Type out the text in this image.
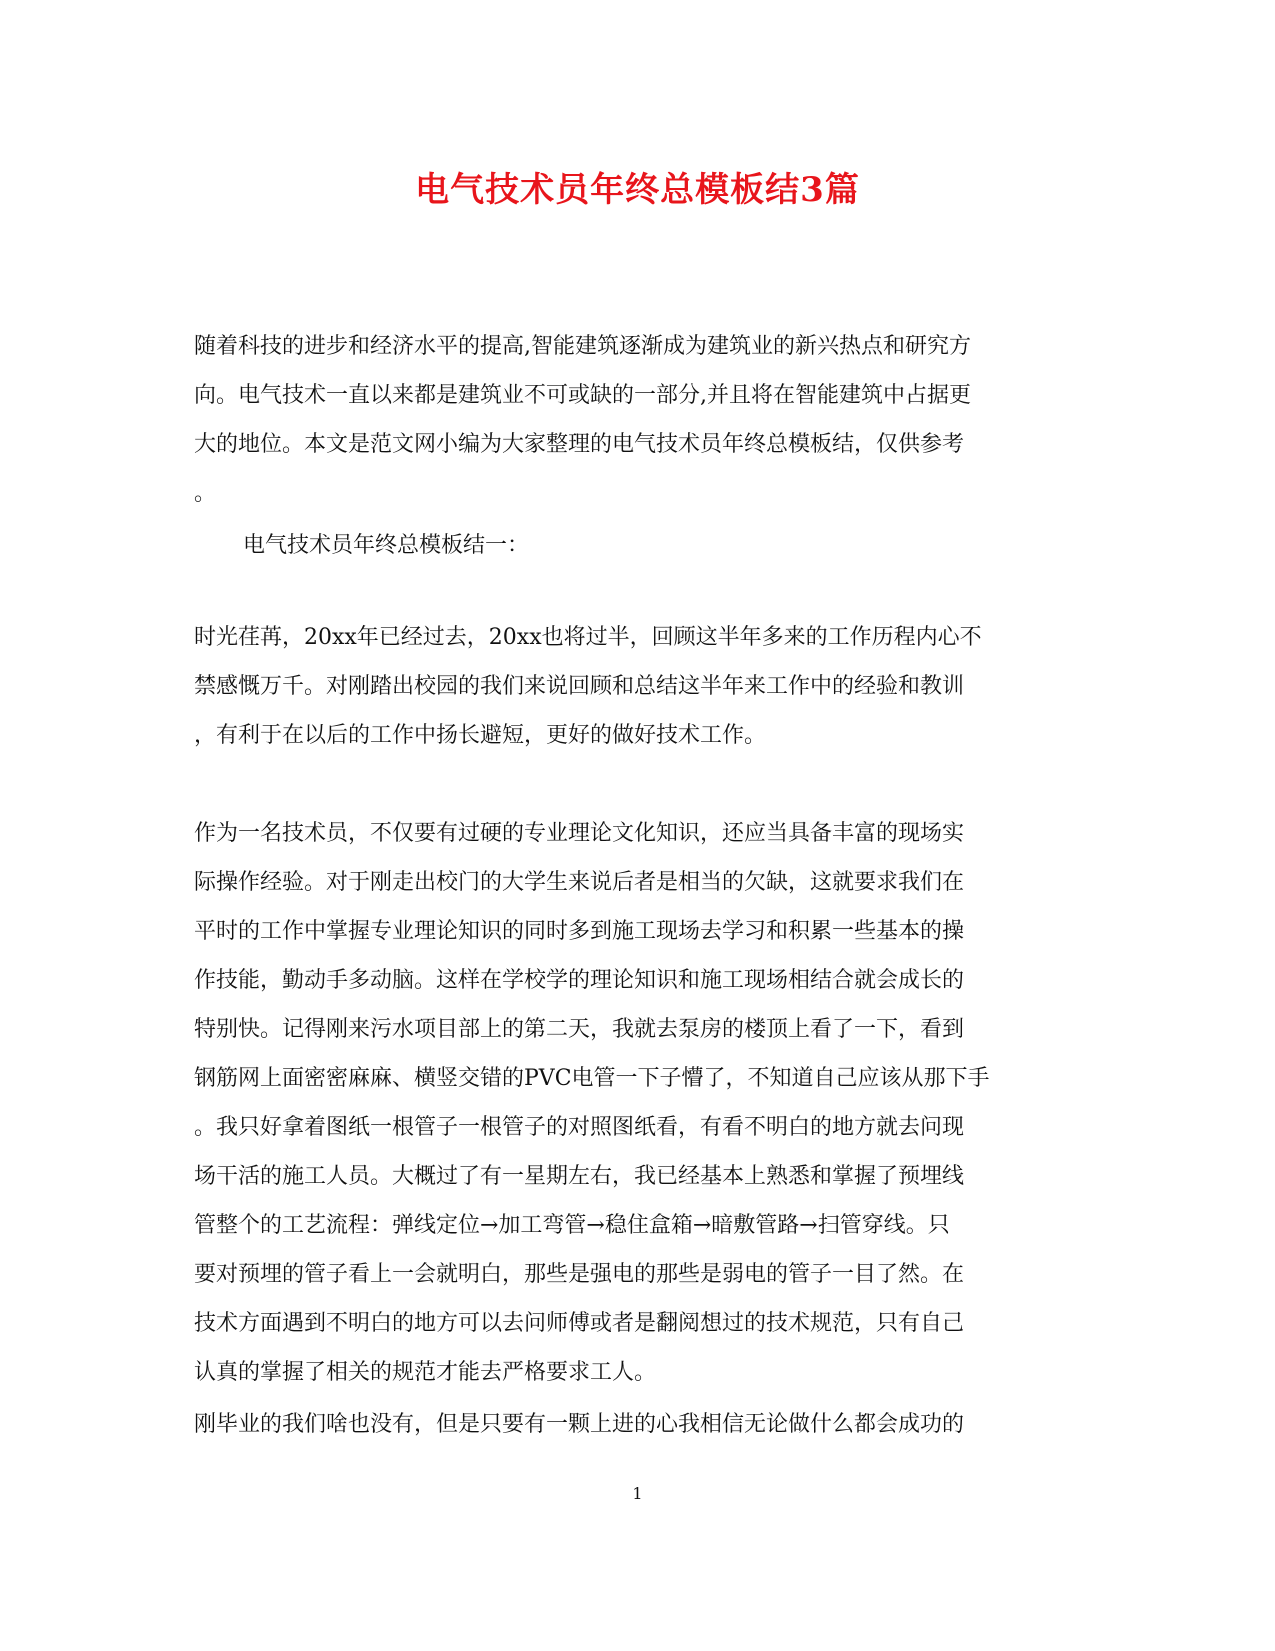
电气技术员年终总模板结3篇
随着科技的进步和经济水平的提高,智能建筑逐渐成为建筑业的新兴热点和研究方
向。电气技术一直以来都是建筑业不可或缺的一部分,并且将在智能建筑中占据更
大的地位。本文是范文网小编为大家整理的电气技术员年终总模板结，仅供参考
。
电气技术员年终总模板结一：
时光荏苒，20xx年已经过去，20xx也将过半，回顾这半年多来的工作历程内心不
禁感慨万千。对刚踏出校园的我们来说回顾和总结这半年来工作中的经验和教训
，有利于在以后的工作中扬长避短，更好的做好技术工作。
作为一名技术员，不仅要有过硬的专业理论文化知识，还应当具备丰富的现场实
际操作经验。对于刚走出校门的大学生来说后者是相当的欠缺，这就要求我们在
平时的工作中掌握专业理论知识的同时多到施工现场去学习和积累一些基本的操
作技能，勤动手多动脑。这样在学校学的理论知识和施工现场相结合就会成长的
特别快。记得刚来污水项目部上的第二天，我就去泵房的楼顶上看了一下，看到
钢筋网上面密密麻麻、横竖交错的PVC电管一下子懵了，不知道自己应该从那下手
。我只好拿着图纸一根管子一根管子的对照图纸看，有看不明白的地方就去问现
场干活的施工人员。大概过了有一星期左右，我已经基本上熟悉和掌握了预埋线
管整个的工艺流程：弹线定位→加工弯管→稳住盒箱→暗敷管路→扫管穿线。只
要对预埋的管子看上一会就明白，那些是强电的那些是弱电的管子一目了然。在
技术方面遇到不明白的地方可以去问师傅或者是翻阅想过的技术规范，只有自己
认真的掌握了相关的规范才能去严格要求工人。
刚毕业的我们啥也没有，但是只要有一颗上进的心我相信无论做什么都会成功的
1
